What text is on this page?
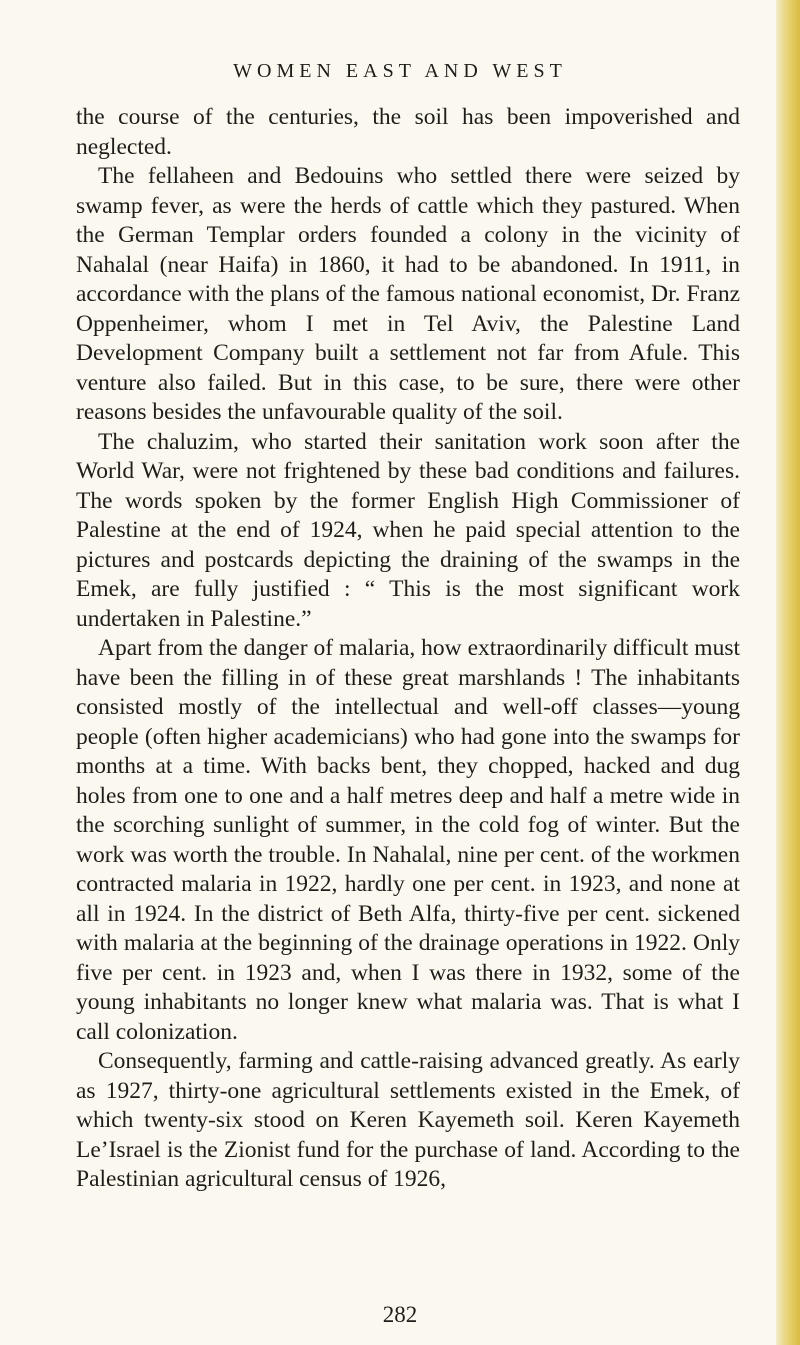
WOMEN EAST AND WEST

the course of the centuries, the soil has been impoverished and neglected.

The fellaheen and Bedouins who settled there were seized by swamp fever, as were the herds of cattle which they pastured. When the German Templar orders founded a colony in the vicinity of Nahalal (near Haifa) in 1860, it had to be abandoned. In 1911, in accordance with the plans of the famous national economist, Dr. Franz Oppenheimer, whom I met in Tel Aviv, the Palestine Land Development Company built a settlement not far from Afule. This venture also failed. But in this case, to be sure, there were other reasons besides the unfavourable quality of the soil.

The chaluzim, who started their sanitation work soon after the World War, were not frightened by these bad conditions and failures. The words spoken by the former English High Commissioner of Palestine at the end of 1924, when he paid special attention to the pictures and postcards depicting the draining of the swamps in the Emek, are fully justified : “ This is the most significant work undertaken in Palestine.”

Apart from the danger of malaria, how extraordinarily difficult must have been the filling in of these great marshlands ! The inhabitants consisted mostly of the intellectual and well-off classes—young people (often higher academicians) who had gone into the swamps for months at a time. With backs bent, they chopped, hacked and dug holes from one to one and a half metres deep and half a metre wide in the scorching sunlight of summer, in the cold fog of winter. But the work was worth the trouble. In Nahalal, nine per cent. of the workmen contracted malaria in 1922, hardly one per cent. in 1923, and none at all in 1924. In the district of Beth Alfa, thirty-five per cent. sickened with malaria at the beginning of the drainage operations in 1922. Only five per cent. in 1923 and, when I was there in 1932, some of the young inhabitants no longer knew what malaria was. That is what I call colonization.

Consequently, farming and cattle-raising advanced greatly. As early as 1927, thirty-one agricultural settlements existed in the Emek, of which twenty-six stood on Keren Kayemeth soil. Keren Kayemeth Le’Israel is the Zionist fund for the purchase of land. According to the Palestinian agricultural census of 1926,

282
